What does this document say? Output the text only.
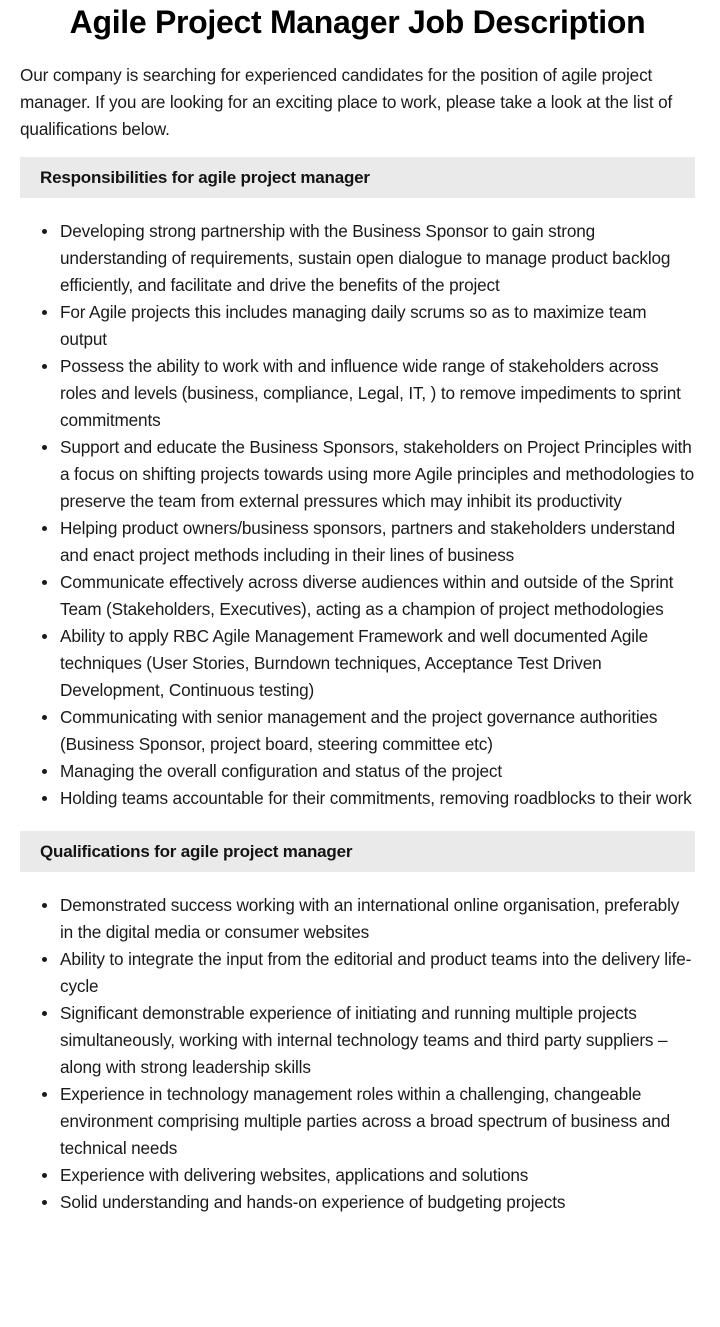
Agile Project Manager Job Description

Our company is searching for experienced candidates for the position of agile project manager. If you are looking for an exciting place to work, please take a look at the list of qualifications below.

Responsibilities for agile project manager
Developing strong partnership with the Business Sponsor to gain strong understanding of requirements, sustain open dialogue to manage product backlog efficiently, and facilitate and drive the benefits of the project
For Agile projects this includes managing daily scrums so as to maximize team output
Possess the ability to work with and influence wide range of stakeholders across roles and levels (business, compliance, Legal, IT, ) to remove impediments to sprint commitments
Support and educate the Business Sponsors, stakeholders on Project Principles with a focus on shifting projects towards using more Agile principles and methodologies to preserve the team from external pressures which may inhibit its productivity
Helping product owners/business sponsors, partners and stakeholders understand and enact project methods including in their lines of business
Communicate effectively across diverse audiences within and outside of the Sprint Team (Stakeholders, Executives), acting as a champion of project methodologies
Ability to apply RBC Agile Management Framework and well documented Agile techniques (User Stories, Burndown techniques, Acceptance Test Driven Development, Continuous testing)
Communicating with senior management and the project governance authorities (Business Sponsor, project board, steering committee etc)
Managing the overall configuration and status of the project
Holding teams accountable for their commitments, removing roadblocks to their work
Qualifications for agile project manager
Demonstrated success working with an international online organisation, preferably in the digital media or consumer websites
Ability to integrate the input from the editorial and product teams into the delivery life-cycle
Significant demonstrable experience of initiating and running multiple projects simultaneously, working with internal technology teams and third party suppliers – along with strong leadership skills
Experience in technology management roles within a challenging, changeable environment comprising multiple parties across a broad spectrum of business and technical needs
Experience with delivering websites, applications and solutions
Solid understanding and hands-on experience of budgeting projects
